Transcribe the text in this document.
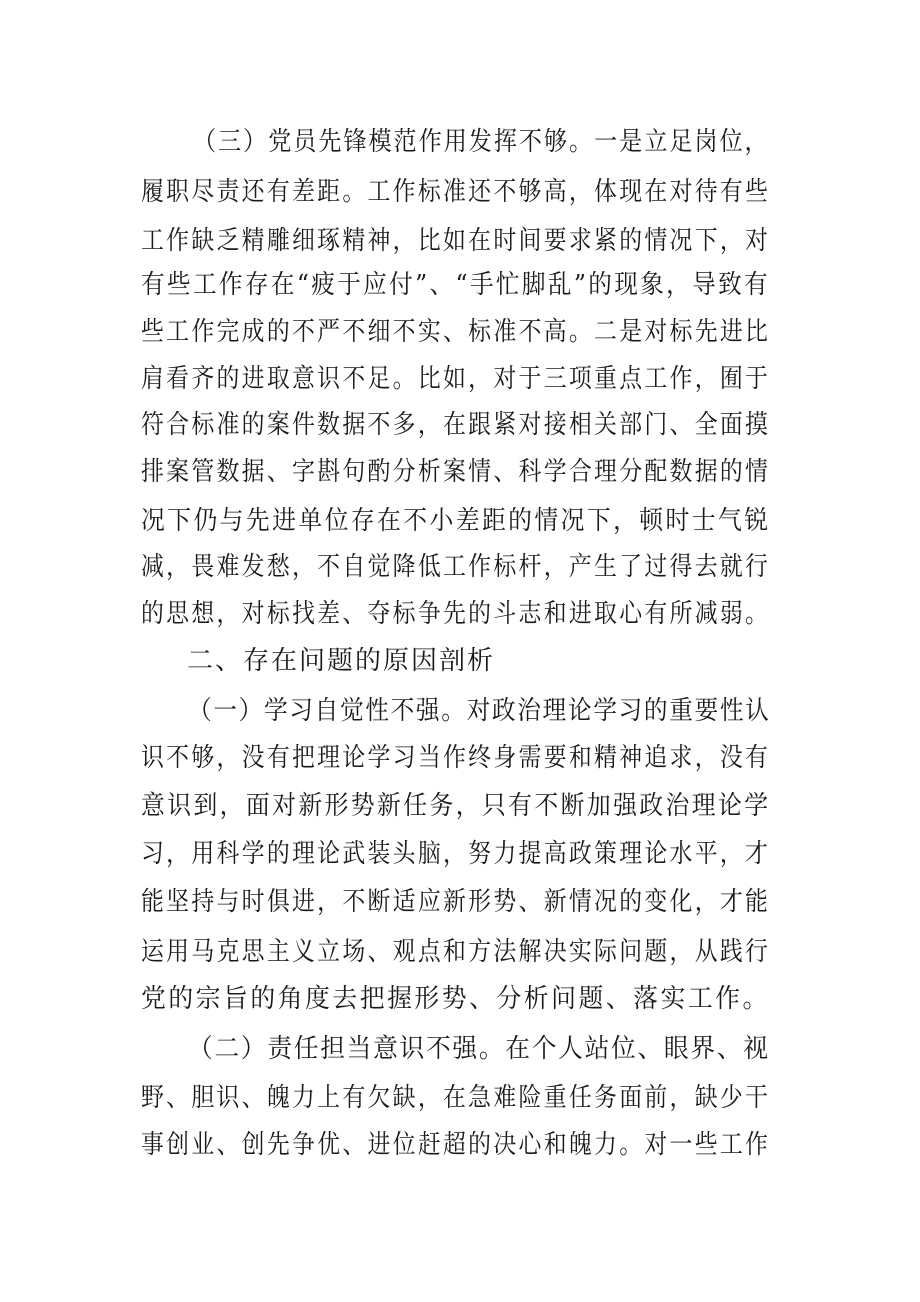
（三）党员先锋模范作用发挥不够。一是立足岗位，
履职尽责还有差距。工作标准还不够高，体现在对待有些
工作缺乏精雕细琢精神，比如在时间要求紧的情况下，对
有些工作存在“疲于应付”、“手忙脚乱”的现象，导致有
些工作完成的不严不细不实、标准不高。二是对标先进比
肩看齐的进取意识不足。比如，对于三项重点工作，囿于
符合标准的案件数据不多，在跟紧对接相关部门、全面摸
排案管数据、字斟句酌分析案情、科学合理分配数据的情
况下仍与先进单位存在不小差距的情况下，顿时士气锐
减，畏难发愁，不自觉降低工作标杆，产生了过得去就行
的思想，对标找差、夺标争先的斗志和进取心有所减弱。
二、存在问题的原因剖析
（一）学习自觉性不强。对政治理论学习的重要性认
识不够，没有把理论学习当作终身需要和精神追求，没有
意识到，面对新形势新任务，只有不断加强政治理论学
习，用科学的理论武装头脑，努力提高政策理论水平，才
能坚持与时俱进，不断适应新形势、新情况的变化，才能
运用马克思主义立场、观点和方法解决实际问题，从践行
党的宗旨的角度去把握形势、分析问题、落实工作。
（二）责任担当意识不强。在个人站位、眼界、视
野、胆识、魄力上有欠缺，在急难险重任务面前，缺少干
事创业、创先争优、进位赶超的决心和魄力。对一些工作
